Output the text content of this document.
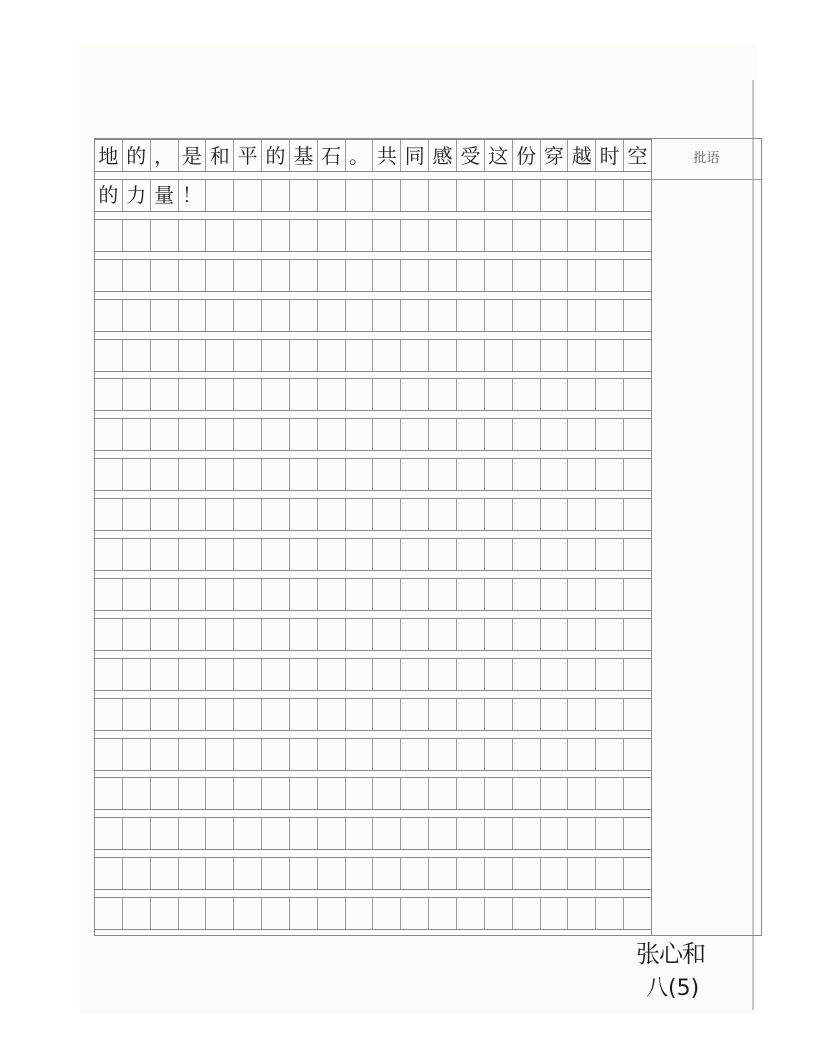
地 的 ， 是 和 平 的 基 石 。 共 同 感 受 这 份 穿 越 时 空
的 力 量 ！
批语
张心和
八(5)
